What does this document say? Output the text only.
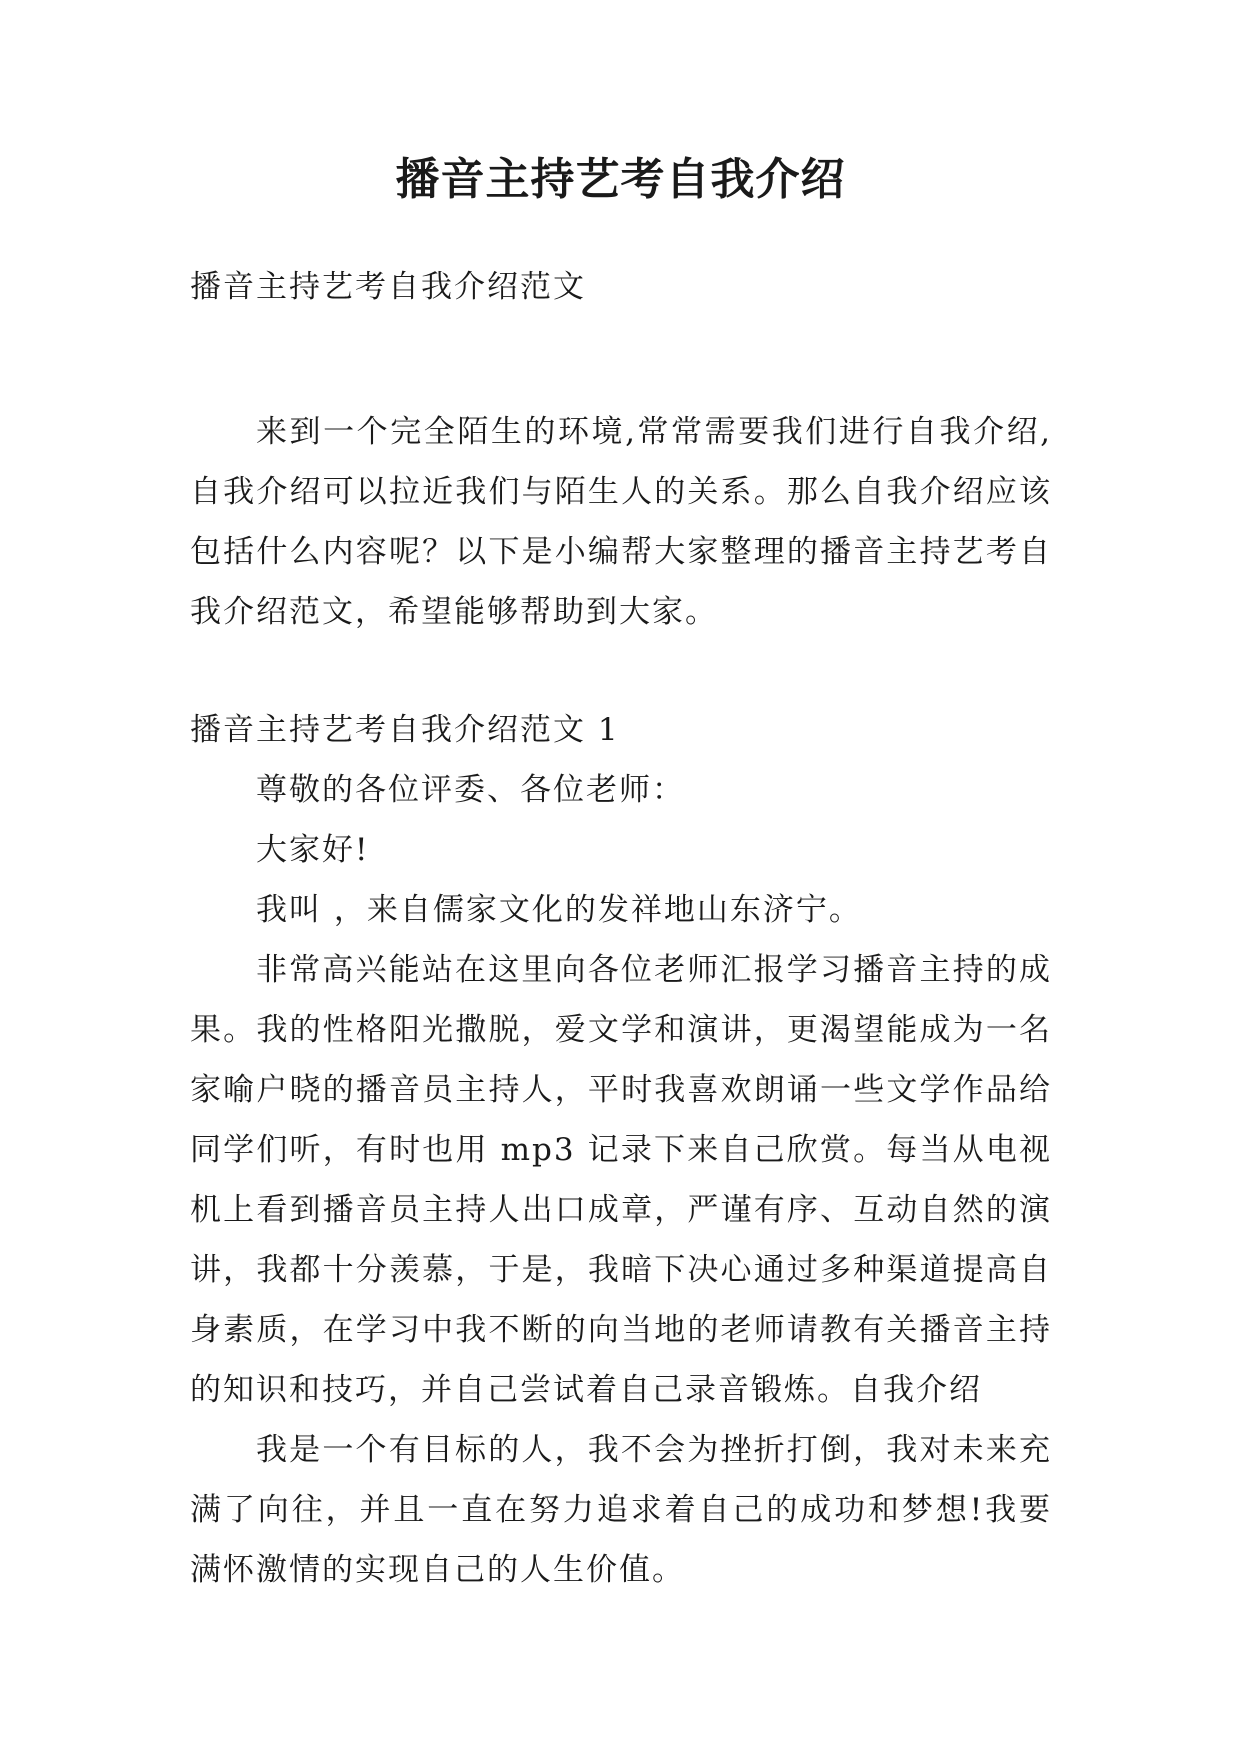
播音主持艺考自我介绍
播音主持艺考自我介绍范文
来到一个完全陌生的环境,常常需要我们进行自我介绍,自我介绍可以拉近我们与陌生人的关系。那么自我介绍应该包括什么内容呢？以下是小编帮大家整理的播音主持艺考自我介绍范文，希望能够帮助到大家。

播音主持艺考自我介绍范文 1

尊敬的各位评委、各位老师：

大家好!

我叫 ，来自儒家文化的发祥地山东济宁。

非常高兴能站在这里向各位老师汇报学习播音主持的成果。我的性格阳光撒脱，爱文学和演讲，更渴望能成为一名家喻户晓的播音员主持人，平时我喜欢朗诵一些文学作品给同学们听，有时也用 mp3 记录下来自己欣赏。每当从电视机上看到播音员主持人出口成章，严谨有序、互动自然的演讲，我都十分羡慕，于是，我暗下决心通过多种渠道提高自身素质，在学习中我不断的向当地的老师请教有关播音主持的知识和技巧，并自己尝试着自己录音锻炼。自我介绍

我是一个有目标的人，我不会为挫折打倒，我对未来充满了向往，并且一直在努力追求着自己的成功和梦想!我要满怀激情的实现自己的人生价值。
